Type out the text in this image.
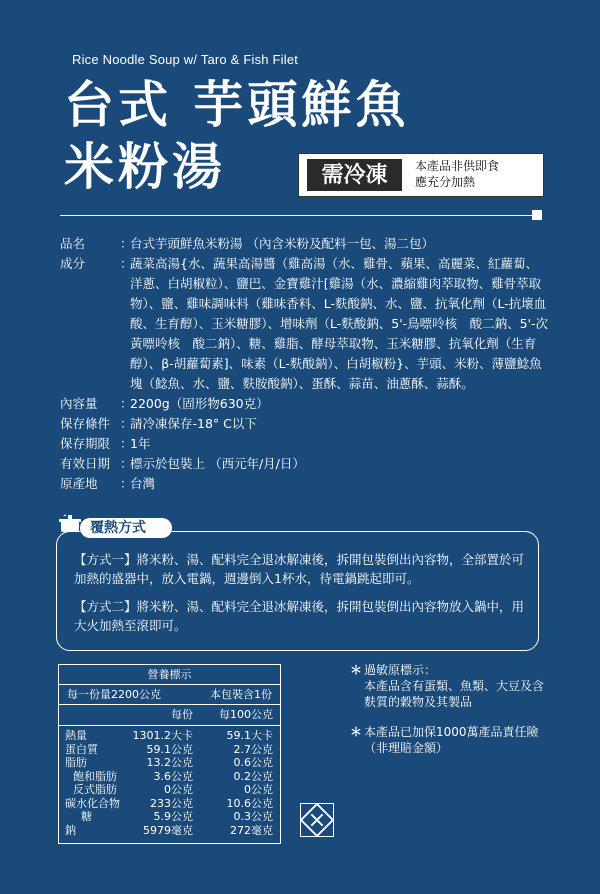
Rice Noodle Soup w/ Taro & Fish Filet
台式 芋頭鮮魚
米粉湯	需冷凍	本產品非供即食
應充分加熱
品名	：
台式芋頭鮮魚米粉湯 （內含米粉及配料一包、湯二包）
成分	：
蔬菜高湯{水、蔬果高湯醬（雞高湯（水、雞骨、蘋果、高麗菜、紅蘿蔔、洋蔥、白胡椒粒）、鹽巴、金寶雞汁[雞湯（水、濃縮雞肉萃取物、雞骨萃取物）、鹽、雞味調味料（雞味香料、L-麩酸鈉、水、鹽、抗氧化劑（L-抗壞血酸、生育醇）、玉米糖膠）、增味劑（L-麩酸鈉、5'-鳥嘌呤核　酸二鈉、5'-次黃嘌呤核　酸二鈉）、糖、雞脂、酵母萃取物、玉米糖膠、抗氧化劑（生育醇）、β-胡蘿蔔素]、味素（L-麩酸鈉）、白胡椒粉}、芋頭、米粉、薄鹽鯰魚塊（鯰魚、水、鹽、麩胺酸鈉）、蛋酥、蒜苗、油蔥酥、蒜酥。
內容量 ：
2200g（固形物630克）
保存條件 ：
請冷凍保存-18° C以下
保存期限 ：
1年
有效日期 ：
標示於包裝上 （西元年/月/日）
原產地 ：
台灣
覆熱方式
【方式一】將米粉、湯、配料完全退冰解凍後，拆開包裝倒出內容物，全部置於可加熱的盛器中，放入電鍋，週邊倒入1杯水，待電鍋跳起即可。
【方式二】將米粉、湯、配料完全退冰解凍後，拆開包裝倒出內容物放入鍋中，用大火加熱至滾即可。
營養標示
每一份量2200公克	本包裝含1份
每份	每100公克
熱量	1301.2大卡	59.1大卡
蛋白質	59.1公克	2.7公克
脂肪	13.2公克	0.6公克
飽和脂肪	3.6公克	0.2公克
反式脂肪	0公克	0公克
碳水化合物	233公克	10.6公克
糖	5.9公克	0.3公克
鈉	5979毫克	272毫克
＊ 過敏原標示：
本產品含有蛋類、魚類、大豆及含麩質的穀物及其製品
＊ 本產品已加保1000萬產品責任險（非理賠金額）
